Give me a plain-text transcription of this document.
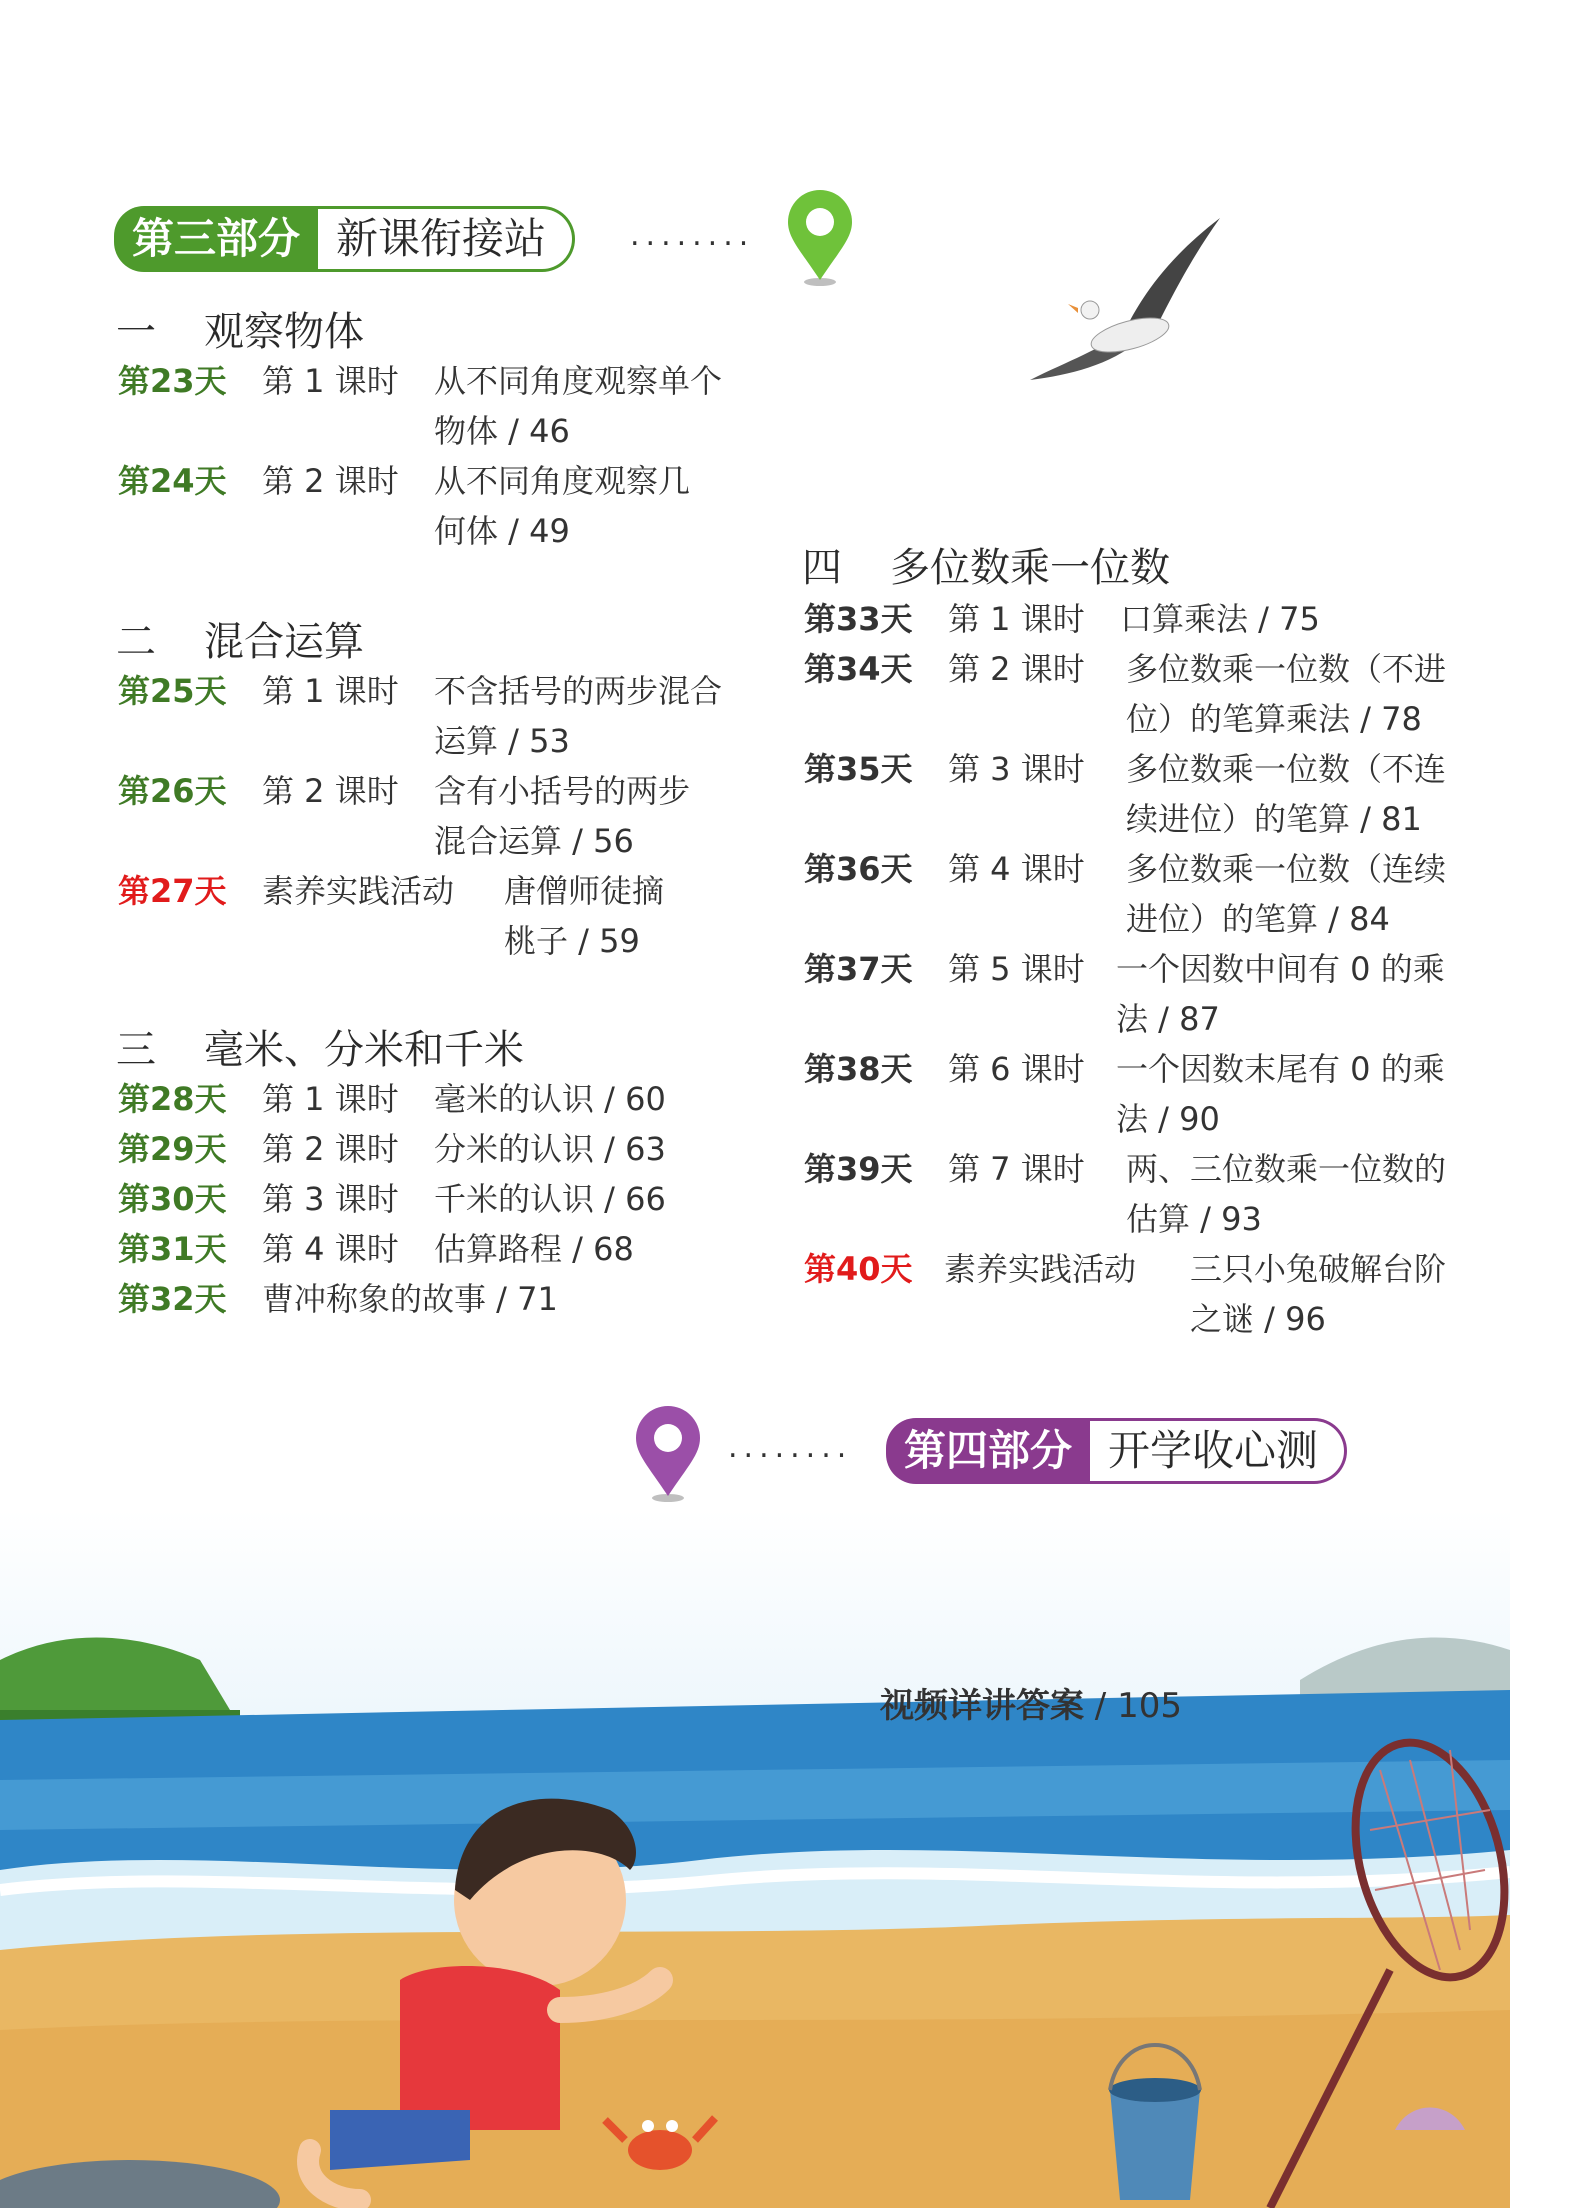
第三部分 新课衔接站	........
一 观察物体
第23天 第 1 课时 从不同角度观察单个
物体 / 46
第24天 第 2 课时 从不同角度观察几
何体 / 49
二 混合运算
第25天 第 1 课时 不含括号的两步混合
运算 / 53
第26天 第 2 课时 含有小括号的两步
混合运算 / 56
第27天 素养实践活动 唐僧师徒摘
桃子 / 59
三 毫米、分米和千米
第28天 第 1 课时 毫米的认识 / 60
第29天 第 2 课时 分米的认识 / 63
第30天 第 3 课时 千米的认识 / 66
第31天 第 4 课时 估算路程 / 68
第32天 曹冲称象的故事 / 71
四 多位数乘一位数
第33天 第 1 课时 口算乘法 / 75
第34天 第 2 课时 多位数乘一位数（不进
位）的笔算乘法 / 78
第35天 第 3 课时 多位数乘一位数（不连
续进位）的笔算 / 81
第36天 第 4 课时 多位数乘一位数（连续
进位）的笔算 / 84
第37天 第 5 课时 一个因数中间有 0 的乘
法 / 87
第38天 第 6 课时 一个因数末尾有 0 的乘
法 / 90
第39天 第 7 课时 两、三位数乘一位数的
估算 / 93
第40天 素养实践活动 三只小兔破解台阶
之谜 / 96
........	第四部分 开学收心测
视频详讲答案 / 105
